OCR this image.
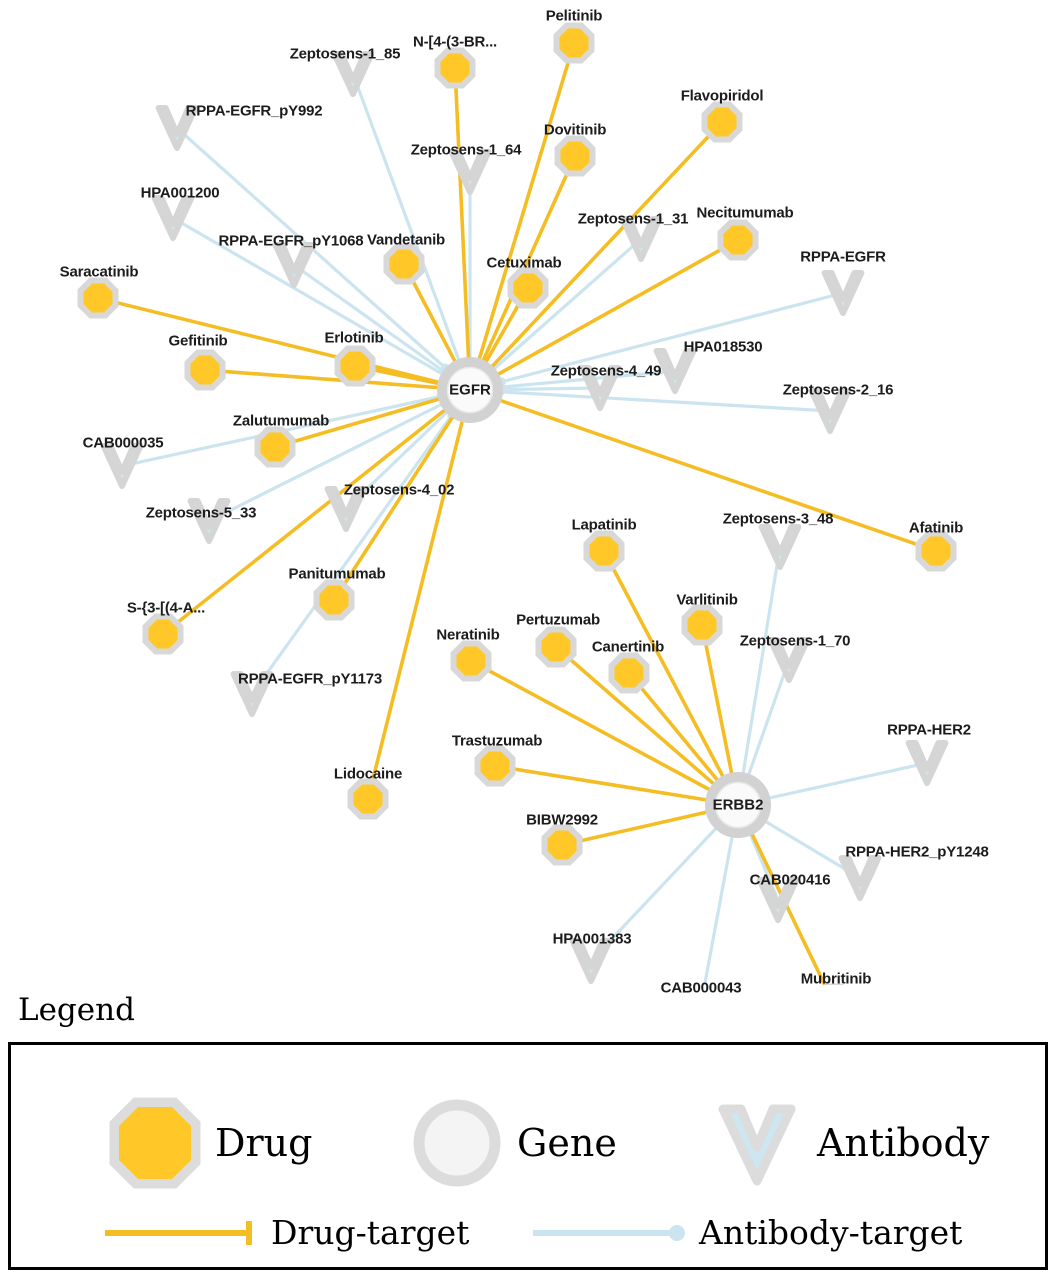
Zeptosens-1_85
RPPA-EGFR_pY992
Zeptosens-1_64
HPA001200
Zeptosens-1_31
RPPA-EGFR_pY1068
RPPA-EGFR
HPA018530
Zeptosens-4_49
Zeptosens-2_16
CAB000035
Zeptosens-4_02
Zeptosens-5_33	Zeptosens-3_48
Zeptosens-1_70
RPPA-EGFR_pY1173
RPPA-HER2
RPPA-HER2_pY1248
CAB020416
HPA001383
CAB000043
Pelitinib
N-[4-(3-BR...
Flavopiridol
Dovitinib
Necitumumab
Vandetanib
Cetuximab
Saracatinib
Gefitinib	Erlotinib
Zalutumumab
Afatinib
Lapatinib
Varlitinib
Panitumumab
S-{3-[(4-A...
Pertuzumab
Neratinib
Canertinib
Trastuzumab
Lidocaine
BIBW2992
Mubritinib
EGFR
ERBB2
Legend
Drug	Gene	Antibody
Drug-target	Antibody-target
